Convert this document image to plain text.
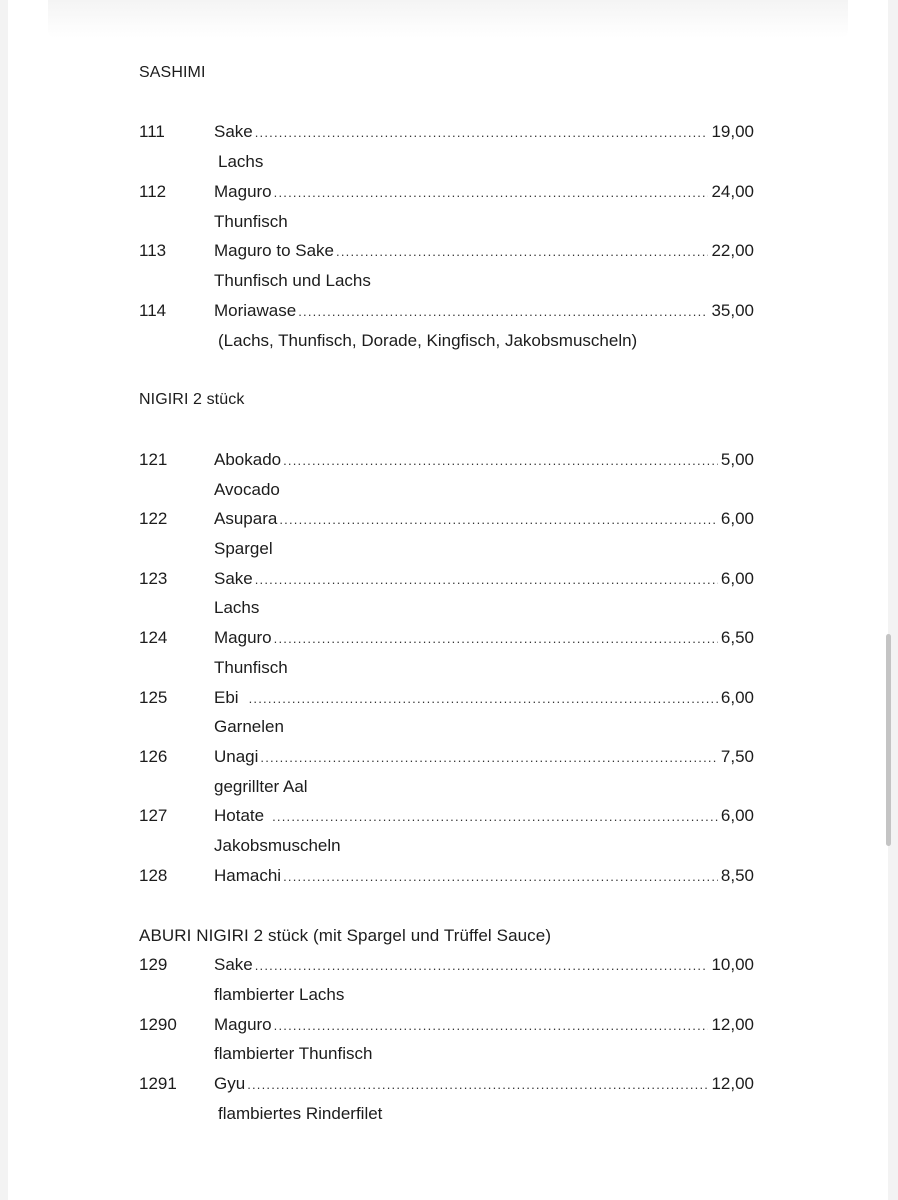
SASHIMI
111	Sake .....	19,00
Lachs
112	Maguro .....	24,00
Thunfisch
113	Maguro to Sake .....	22,00
Thunfisch und Lachs
114	Moriawase .....	35,00
(Lachs, Thunfisch, Dorade, Kingfisch, Jakobsmuscheln)
NIGIRI 2 stück
121	Abokado .....	5,00
Avocado
122	Asupara .....	6,00
Spargel
123	Sake .....	6,00
Lachs
124	Maguro .....	6,50
Thunfisch
125	Ebi .....	6,00
Garnelen
126	Unagi .....	7,50
gegrillter Aal
127	Hotate .....	6,00
Jakobsmuscheln
128	Hamachi .....	8,50
ABURI NIGIRI 2 stück (mit Spargel und Trüffel Sauce)
129	Sake .....	10,00
flambierter Lachs
1290 Maguro .....	12,00
flambierter Thunfisch
1291 Gyu .....	12,00
flambiertes Rinderfilet
